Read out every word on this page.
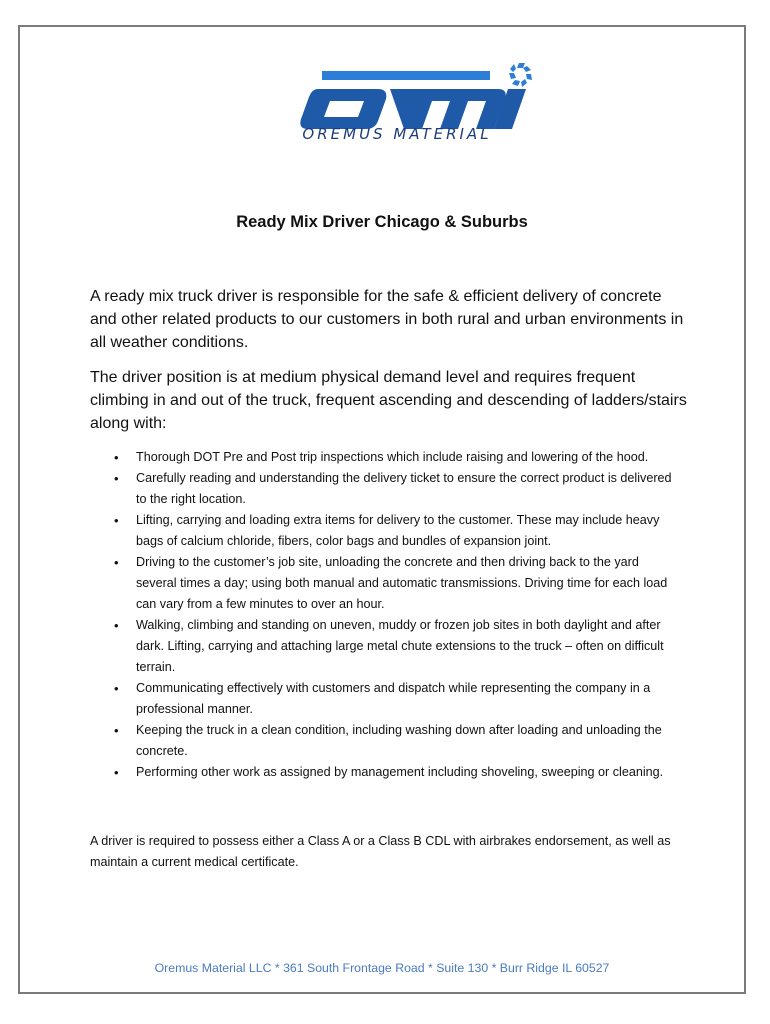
OREMUS MATERIAL
Ready Mix Driver Chicago & Suburbs

A ready mix truck driver is responsible for the safe & efficient delivery of concrete and other related products to our customers in both rural and urban environments in all weather conditions.

The driver position is at medium physical demand level and requires frequent climbing in and out of the truck, frequent ascending and descending of ladders/stairs along with:

• Thorough DOT Pre and Post trip inspections which include raising and lowering of the hood.
• Carefully reading and understanding the delivery ticket to ensure the correct product is delivered to the right location.
• Lifting, carrying and loading extra items for delivery to the customer. These may include heavy bags of calcium chloride, fibers, color bags and bundles of expansion joint.
• Driving to the customer’s job site, unloading the concrete and then driving back to the yard several times a day; using both manual and automatic transmissions. Driving time for each load can vary from a few minutes to over an hour.
• Walking, climbing and standing on uneven, muddy or frozen job sites in both daylight and after dark. Lifting, carrying and attaching large metal chute extensions to the truck – often on difficult terrain.
• Communicating effectively with customers and dispatch while representing the company in a professional manner.
• Keeping the truck in a clean condition, including washing down after loading and unloading the concrete.
• Performing other work as assigned by management including shoveling, sweeping or cleaning.

A driver is required to possess either a Class A or a Class B CDL with airbrakes endorsement, as well as maintain a current medical certificate.

Oremus Material LLC * 361 South Frontage Road * Suite 130 * Burr Ridge IL 60527
